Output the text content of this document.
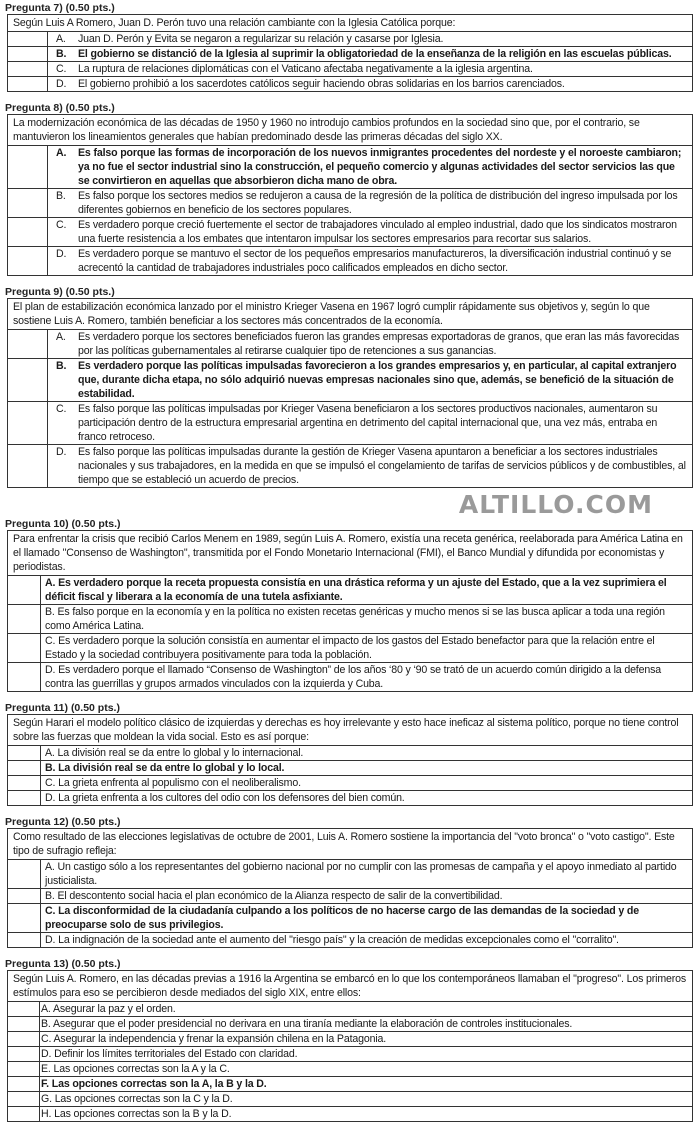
Pregunta 7) (0.50 pts.)
Según Luis A Romero, Juan D. Perón tuvo una relación cambiante con la Iglesia Católica porque:	

	A. Juan D. Perón y Evita se negaron a regularizar su relación y casarse por Iglesia.

	B. El gobierno se distanció de la Iglesia al suprimir la obligatoriedad de la enseñanza de la religión en las escuelas públicas.

	C. La ruptura de relaciones diplomáticas con el Vaticano afectaba negativamente a la iglesia argentina.

	D. El gobierno prohibió a los sacerdotes católicos seguir haciendo obras solidarias en los barrios carenciados.
Pregunta 8) (0.50 pts.)
La modernización económica de las décadas de 1950 y 1960 no introdujo cambios profundos en la sociedad sino que, por el contrario, se mantuvieron los lineamientos generales que habían predominado desde las primeras décadas del siglo XX.	

	A. Es falso porque las formas de incorporación de los nuevos inmigrantes procedentes del nordeste y el noroeste cambiaron; ya no fue el sector industrial sino la construcción, el pequeño comercio y algunas actividades del sector servicios las que se convirtieron en aquellas que absorbieron dicha mano de obra.

	B. Es falso porque los sectores medios se redujeron a causa de la regresión de la política de distribución del ingreso impulsada por los diferentes gobiernos en beneficio de los sectores populares.

	C. Es verdadero porque creció fuertemente el sector de trabajadores vinculado al empleo industrial, dado que los sindicatos mostraron una fuerte resistencia a los embates que intentaron impulsar los sectores empresarios para recortar sus salarios.

	D. Es verdadero porque se mantuvo el sector de los pequeños empresarios manufactureros, la diversificación industrial continuó y se acrecentó la cantidad de trabajadores industriales poco calificados empleados en dicho sector.
Pregunta 9) (0.50 pts.)
El plan de estabilización económica lanzado por el ministro Krieger Vasena en 1967 logró cumplir rápidamente sus objetivos y, según lo que sostiene Luis A. Romero, también beneficiar a los sectores más concentrados de la economía.	

	A. Es verdadero porque los sectores beneficiados fueron las grandes empresas exportadoras de granos, que eran las más favorecidas por las políticas gubernamentales al retirarse cualquier tipo de retenciones a sus ganancias.

	B. Es verdadero porque las políticas impulsadas favorecieron a los grandes empresarios y, en particular, al capital extranjero que, durante dicha etapa, no sólo adquirió nuevas empresas nacionales sino que, además, se benefició de la situación de estabilidad.

	C. Es falso porque las políticas impulsadas por Krieger Vasena beneficiaron a los sectores productivos nacionales, aumentaron su participación dentro de la estructura empresarial argentina en detrimento del capital internacional que, una vez más, entraba en franco retroceso.

	D. Es falso porque las políticas impulsadas durante la gestión de Krieger Vasena apuntaron a beneficiar a los sectores industriales nacionales y sus trabajadores, en la medida en que se impulsó el congelamiento de tarifas de servicios públicos y de combustibles, al tiempo que se estableció un acuerdo de precios.
ALTILLO.COM
Pregunta 10) (0.50 pts.)
Para enfrentar la crisis que recibió Carlos Menem en 1989, según Luis A. Romero, existía una receta genérica, reelaborada para América Latina en el llamado "Consenso de Washington", transmitida por el Fondo Monetario Internacional (FMI), el Banco Mundial y difundida por economistas y periodistas.	
	A. Es verdadero porque la receta propuesta consistía en una drástica reforma y un ajuste del Estado, que a la vez suprimiera el déficit fiscal y liberara a la economía de una tutela asfixiante.
	B. Es falso porque en la economía y en la política no existen recetas genéricas y mucho menos si se las busca aplicar a toda una región como América Latina.
	C. Es verdadero porque la solución consistía en aumentar el impacto de los gastos del Estado benefactor para que la relación entre el Estado y la sociedad contribuyera positivamente para toda la población.
	D. Es verdadero porque el llamado “Consenso de Washington” de los años ‘80 y ‘90 se trató de un acuerdo común dirigido a la defensa contra las guerrillas y grupos armados vinculados con la izquierda y Cuba.
Pregunta 11) (0.50 pts.)
Según Harari el modelo político clásico de izquierdas y derechas es hoy irrelevante y esto hace ineficaz al sistema político, porque no tiene control sobre las fuerzas que moldean la vida social. Esto es así porque:	
	A. La división real se da entre lo global y lo internacional.
	B. La división real se da entre lo global y lo local.
	C. La grieta enfrenta al populismo con el neoliberalismo.
	D. La grieta enfrenta a los cultores del odio con los defensores del bien común.
Pregunta 12) (0.50 pts.)
Como resultado de las elecciones legislativas de octubre de 2001, Luis A. Romero sostiene la importancia del "voto bronca" o "voto castigo". Este tipo de sufragio refleja:	
	A. Un castigo sólo a los representantes del gobierno nacional por no cumplir con las promesas de campaña y el apoyo inmediato al partido justicialista.
	B. El descontento social hacia el plan económico de la Alianza respecto de salir de la convertibilidad.
	C. La disconformidad de la ciudadanía culpando a los políticos de no hacerse cargo de las demandas de la sociedad y de preocuparse solo de sus privilegios.
	D. La indignación de la sociedad ante el aumento del "riesgo país" y la creación de medidas excepcionales como el "corralito".
Pregunta 13) (0.50 pts.)
Según Luis A. Romero, en las décadas previas a 1916 la Argentina se embarcó en lo que los contemporáneos llamaban el "progreso". Los primeros estímulos para eso se percibieron desde mediados del siglo XIX, entre ellos:	
	A. Asegurar la paz y el orden.
	B. Asegurar que el poder presidencial no derivara en una tiranía mediante la elaboración de controles institucionales.
	C. Asegurar la independencia y frenar la expansión chilena en la Patagonia.
	D. Definir los límites territoriales del Estado con claridad.
	E. Las opciones correctas son la A y la C.
	F. Las opciones correctas son la A, la B y la D.
	G. Las opciones correctas son la C y la D.
	H. Las opciones correctas son la B y la D.
